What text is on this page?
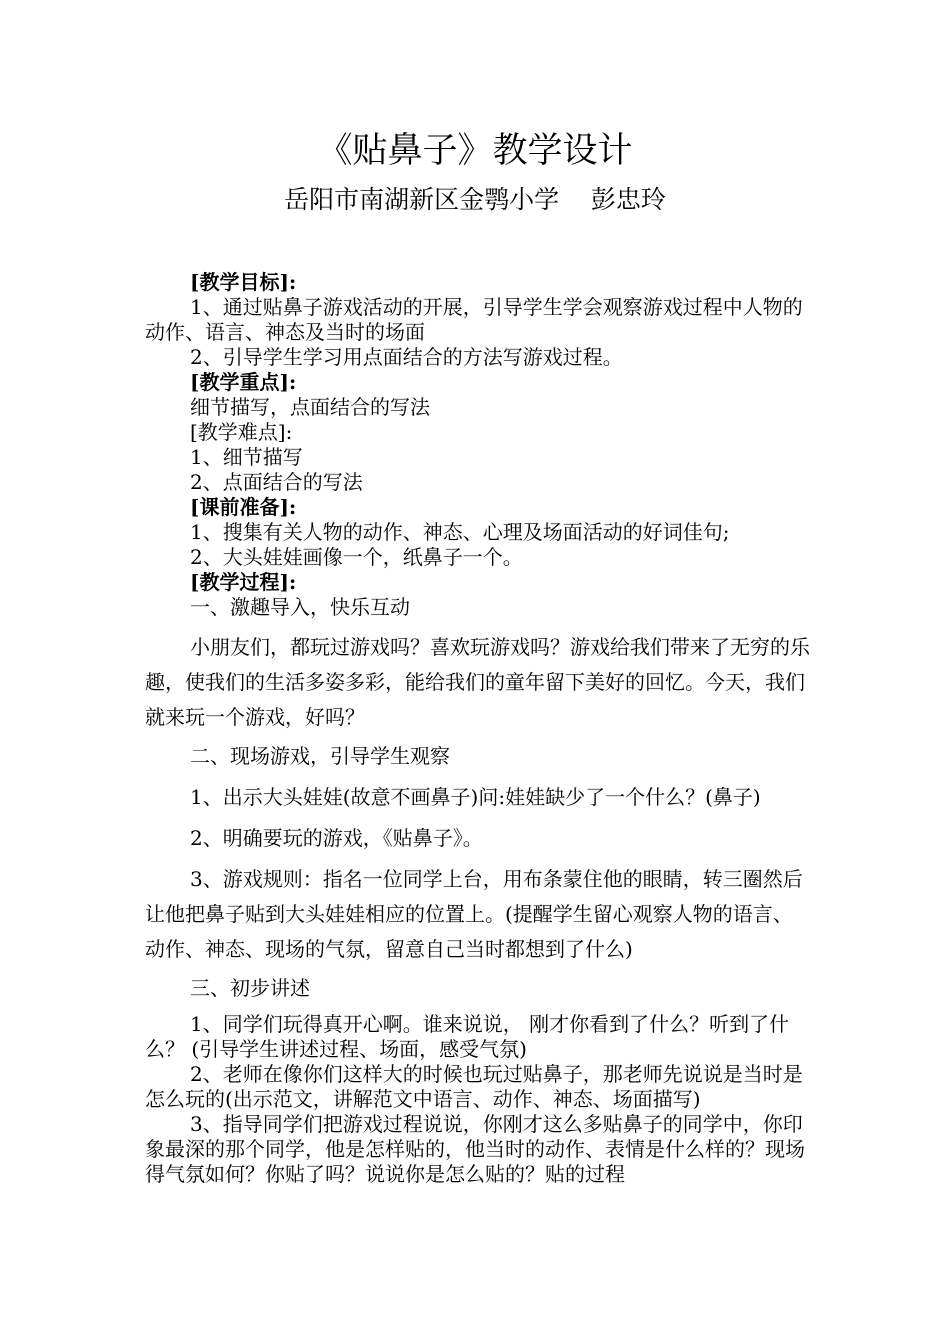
《贴鼻子》教学设计
岳阳市南湖新区金鹗小学    彭忠玲

[教学目标]:

1、通过贴鼻子游戏活动的开展，引导学生学会观察游戏过程中人物的动作、语言、神态及当时的场面

2、引导学生学习用点面结合的方法写游戏过程。

[教学重点]:

细节描写，点面结合的写法

[教学难点]:

1、细节描写

2、点面结合的写法

[课前准备]:

1、搜集有关人物的动作、神态、心理及场面活动的好词佳句;

2、大头娃娃画像一个，纸鼻子一个。

[教学过程]:

一、激趣导入，快乐互动

小朋友们，都玩过游戏吗？喜欢玩游戏吗？游戏给我们带来了无穷的乐趣，使我们的生活多姿多彩，能给我们的童年留下美好的回忆。今天，我们就来玩一个游戏，好吗？

二、现场游戏，引导学生观察

1、出示大头娃娃(故意不画鼻子)问:娃娃缺少了一个什么？(鼻子)

2、明确要玩的游戏，《贴鼻子》。

3、游戏规则：指名一位同学上台，用布条蒙住他的眼睛，转三圈然后让他把鼻子贴到大头娃娃相应的位置上。(提醒学生留心观察人物的语言、动作、神态、现场的气氛，留意自己当时都想到了什么)

三、初步讲述

1、同学们玩得真开心啊。谁来说说， 刚才你看到了什么？听到了什么？ (引导学生讲述过程、场面，感受气氛)

2、老师在像你们这样大的时候也玩过贴鼻子，那老师先说说是当时是怎么玩的(出示范文，讲解范文中语言、动作、神态、场面描写)

3、指导同学们把游戏过程说说，你刚才这么多贴鼻子的同学中，你印象最深的那个同学，他是怎样贴的，他当时的动作、表情是什么样的？现场得气氛如何？你贴了吗？说说你是怎么贴的？贴的过程
